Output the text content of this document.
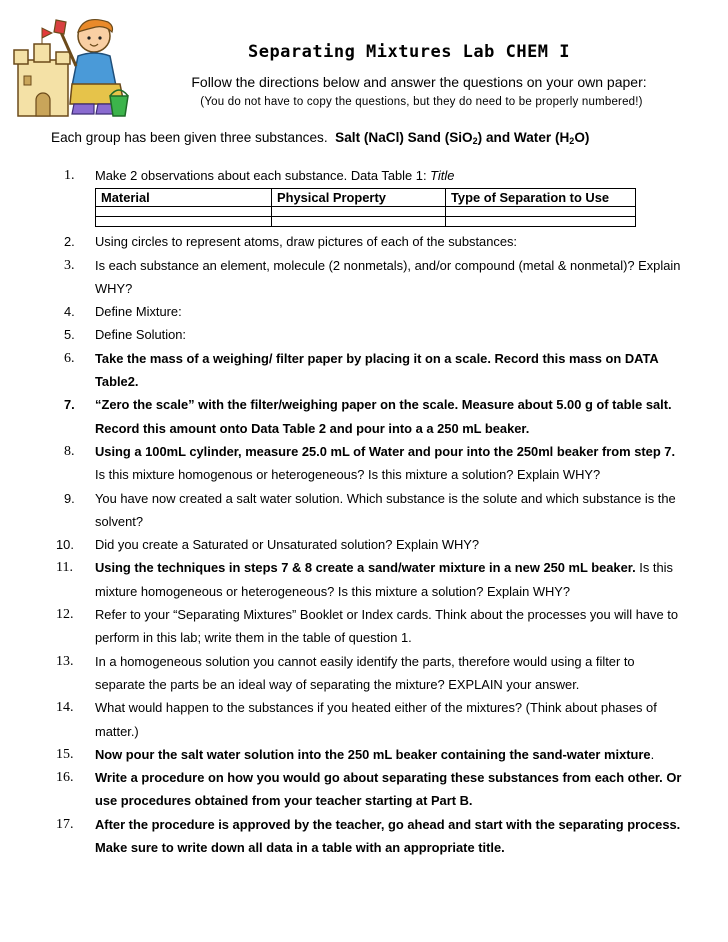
Separating Mixtures Lab CHEM I
Follow the directions below and answer the questions on your own paper:
(You do not have to copy the questions, but they do need to be properly numbered!)
Each group has been given three substances. Salt (NaCl) Sand (SiO$_2$) and Water $(H_2O)$
1.	Make 2 observations about each substance. Data Table 1: Title
Material	Physical Property	Type of Separation to Use

2.	Using circles to represent atoms, draw pictures of each of the substances:
3.	Is each substance an element, molecule (2 nonmetals), and/or compound (metal & nonmetal)? Explain WHY?
4.	Define Mixture:
5.	Define Solution:
6.	Take the mass of a weighing/ filter paper by placing it on a scale. Record this mass on DATA Table2.
7.	“Zero the scale” with the filter/weighing paper on the scale. Measure about 5.00 g of table salt. Record this amount onto Data Table 2 and pour into a a 250 mL beaker.
8.	Using a 100mL cylinder, measure 25.0 mL of Water and pour into the 250ml beaker from step 7. Is this mixture homogenous or heterogeneous? Is this mixture a solution? Explain WHY?
9.	You have now created a salt water solution. Which substance is the solute and which substance is the solvent?
10.	Did you create a Saturated or Unsaturated solution? Explain WHY?
11.	Using the techniques in steps 7 & 8 create a sand/water mixture in a new 250 mL beaker. Is this mixture homogeneous or heterogeneous? Is this mixture a solution? Explain WHY?
12.	Refer to your “Separating Mixtures” Booklet or Index cards. Think about the processes you will have to perform in this lab; write them in the table of question 1.
13.	In a homogeneous solution you cannot easily identify the parts, therefore would using a filter to separate the parts be an ideal way of separating the mixture? EXPLAIN your answer.
14.	What would happen to the substances if you heated either of the mixtures? (Think about phases of matter.)
15.	Now pour the salt water solution into the 250 mL beaker containing the sand-water mixture.
16.	Write a procedure on how you would go about separating these substances from each other. Or use procedures obtained from your teacher starting at Part B.
17.	After the procedure is approved by the teacher, go ahead and start with the separating process. Make sure to write down all data in a table with an appropriate title.
